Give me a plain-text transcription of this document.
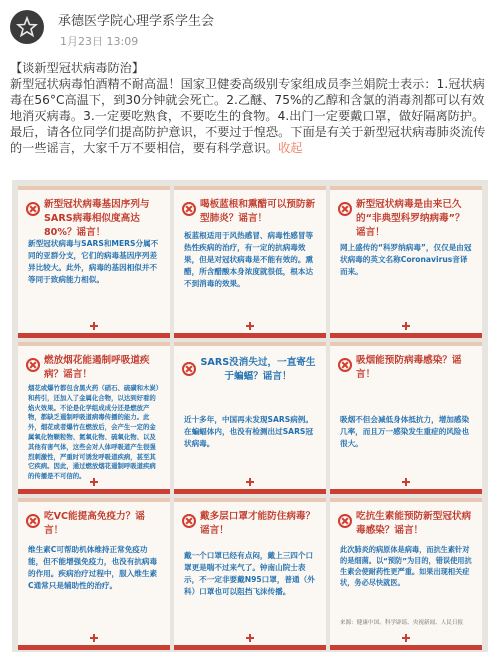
承德医学院心理学系学生会
1月23日 13:09
【谈新型冠状病毒防治】
新型冠状病毒怕酒精不耐高温！国家卫健委高级别专家组成员李兰娟院士表示：1.冠状病毒在56°C高温下，到30分钟就会死亡。2.乙醚、75%的乙醇和含氯的消毒剂都可以有效地消灭病毒。3.一定要吃熟食，不要吃生的食物。4.出门一定要戴口罩，做好隔离防护。最后，请各位同学们提高防护意识，不要过于惶恐。下面是有关于新型冠状病毒肺炎流传的一些谣言，大家千万不要相信，要有科学意识。收起
新型冠状病毒基因序列与SARS病毒相似度高达80%？谣言！
新型冠状病毒与SARS和MERS分属不同的亚群分支，它们的病毒基因序列差异比较大。此外，病毒的基因相似并不等同于致病能力相似。
喝板蓝根和熏醋可以预防新型肺炎？谣言！
板蓝根适用于风热感冒、病毒性感冒等热性疾病的治疗，有一定的抗病毒效果，但是对冠状病毒是不能有效的。熏醋，所含醋酸本身浓度就很低，根本达不到消毒的效果。
新型冠状病毒是由来已久的“非典型科罗纳病毒”？谣言！
网上盛传的“科罗纳病毒”，仅仅是由冠状病毒的英文名称Coronavirus音译而来。
燃放烟花能遏制呼吸道疾病？谣言！
烟花或爆竹都包含黑火药（硝石、硫磺和木炭）和药引，还加入了金属化合物，以达到好看的焰火效果。不论是化学组成成分还是燃放产物，都缺乏遏制呼吸道病毒传播的能力。此外，烟花或者爆竹在燃放后，会产生一定的金属氧化物颗粒物、氮氧化物、硫氧化物、以及其他有害气体，这些会对人体呼吸道产生很强烈刺激性，严重时可诱发呼吸道疾病，甚至其它疾病。因此，通过燃放烟花遏制呼吸道疾病的传播是不可信的。
SARS没消失过，一直寄生于蝙蝠？谣言！
近十多年，中国再未发现SARS病例。在蝙蝠体内，也没有检测出过SARS冠状病毒。
吸烟能预防病毒感染？谣言！
吸烟不但会减低身体抵抗力，增加感染几率，而且万一感染发生重症的风险也很大。
吃VC能提高免疫力？谣言！
维生素C可帮助机体维持正常免疫功能，但不能增强免疫力，也没有抗病毒的作用。疾病治疗过程中，服入维生素C通常只是辅助性的治疗。
戴多层口罩才能防住病毒？谣言！
戴一个口罩已经有点闷，戴上三四个口罩更是喘不过来气了。钟南山院士表示，不一定非要戴N95口罩，普通（外科）口罩也可以阻挡飞沫传播。
吃抗生素能预防新型冠状病毒感染？谣言！
此次肺炎的病原体是病毒，而抗生素针对的是细菌。以“预防”为目的，错误使用抗生素会使耐药性更严重。如果出现相关症状，务必尽快就医。
来源：健康中国、科学辟谣、央视新闻、人民日报
